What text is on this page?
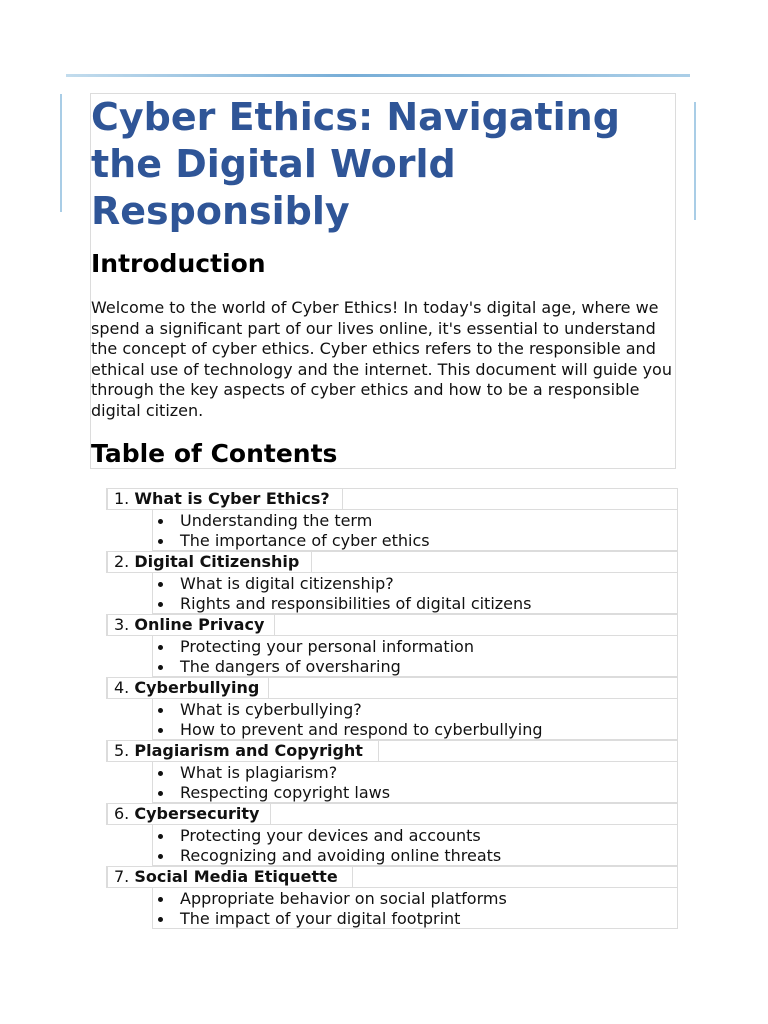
Cyber Ethics: Navigating the Digital World Responsibly
Introduction

Welcome to the world of Cyber Ethics! In today's digital age, where we spend a significant part of our lives online, it's essential to understand the concept of cyber ethics. Cyber ethics refers to the responsible and ethical use of technology and the internet. This document will guide you through the key aspects of cyber ethics and how to be a responsible digital citizen.

Table of Contents
1. What is Cyber Ethics?
Understanding the term
The importance of cyber ethics
2. Digital Citizenship
What is digital citizenship?
Rights and responsibilities of digital citizens
3. Online Privacy
Protecting your personal information
The dangers of oversharing
4. Cyberbullying
What is cyberbullying?
How to prevent and respond to cyberbullying
5. Plagiarism and Copyright
What is plagiarism?
Respecting copyright laws
6. Cybersecurity
Protecting your devices and accounts
Recognizing and avoiding online threats
7. Social Media Etiquette
Appropriate behavior on social platforms
The impact of your digital footprint
